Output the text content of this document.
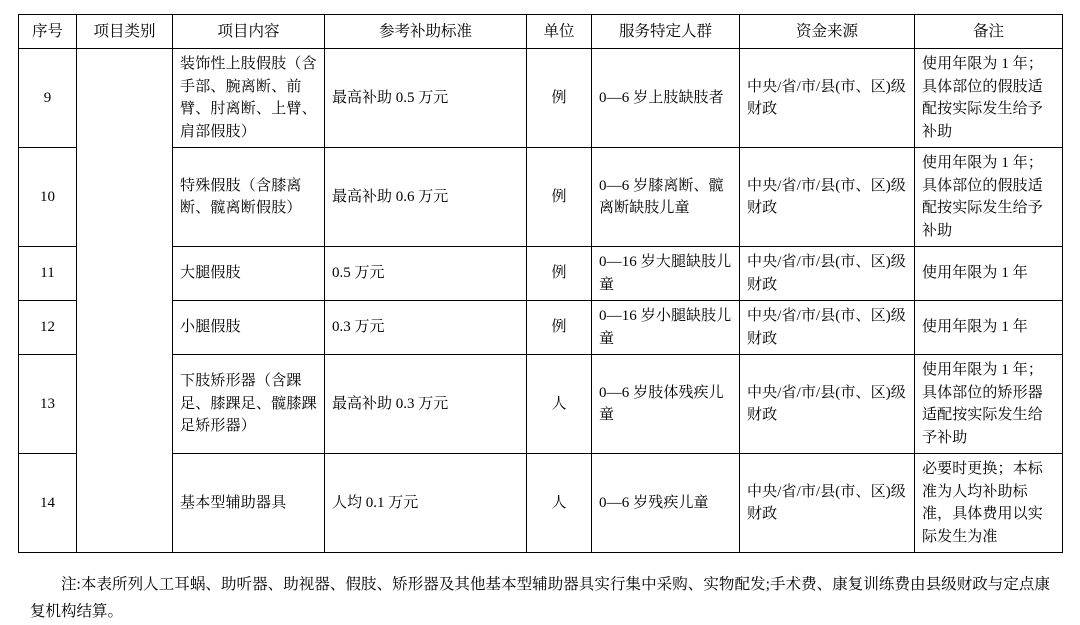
序号	项目类别	项目内容	参考补助标准	单位	服务特定人群	资金来源	备注
9		装饰性上肢假肢（含手部、腕离断、前臂、肘离断、上臂、肩部假肢）	最高补助 0.5 万元	例	0—6 岁上肢缺肢者	中央/省/市/县(市、区)级财政	使用年限为 1 年；具体部位的假肢适配按实际发生给予补助
10		特殊假肢（含膝离断、髋离断假肢）	最高补助 0.6 万元	例	0—6 岁膝离断、髋离断缺肢儿童	中央/省/市/县(市、区)级财政	使用年限为 1 年；具体部位的假肢适配按实际发生给予补助
11		大腿假肢	0.5 万元	例	0—16 岁大腿缺肢儿童	中央/省/市/县(市、区)级财政	使用年限为 1 年
12		小腿假肢	0.3 万元	例	0—16 岁小腿缺肢儿童	中央/省/市/县(市、区)级财政	使用年限为 1 年
13		下肢矫形器（含踝足、膝踝足、髋膝踝足矫形器）	最高补助 0.3 万元	人	0—6 岁肢体残疾儿童	中央/省/市/县(市、区)级财政	使用年限为 1 年；具体部位的矫形器适配按实际发生给予补助
14		基本型辅助器具	人均 0.1 万元	人	0—6 岁残疾儿童	中央/省/市/县(市、区)级财政	必要时更换；本标准为人均补助标准，具体费用以实际发生为准
注:本表所列人工耳蜗、助听器、助视器、假肢、矫形器及其他基本型辅助器具实行集中采购、实物配发;手术费、康复训练费由县级财政与定点康复机构结算。
